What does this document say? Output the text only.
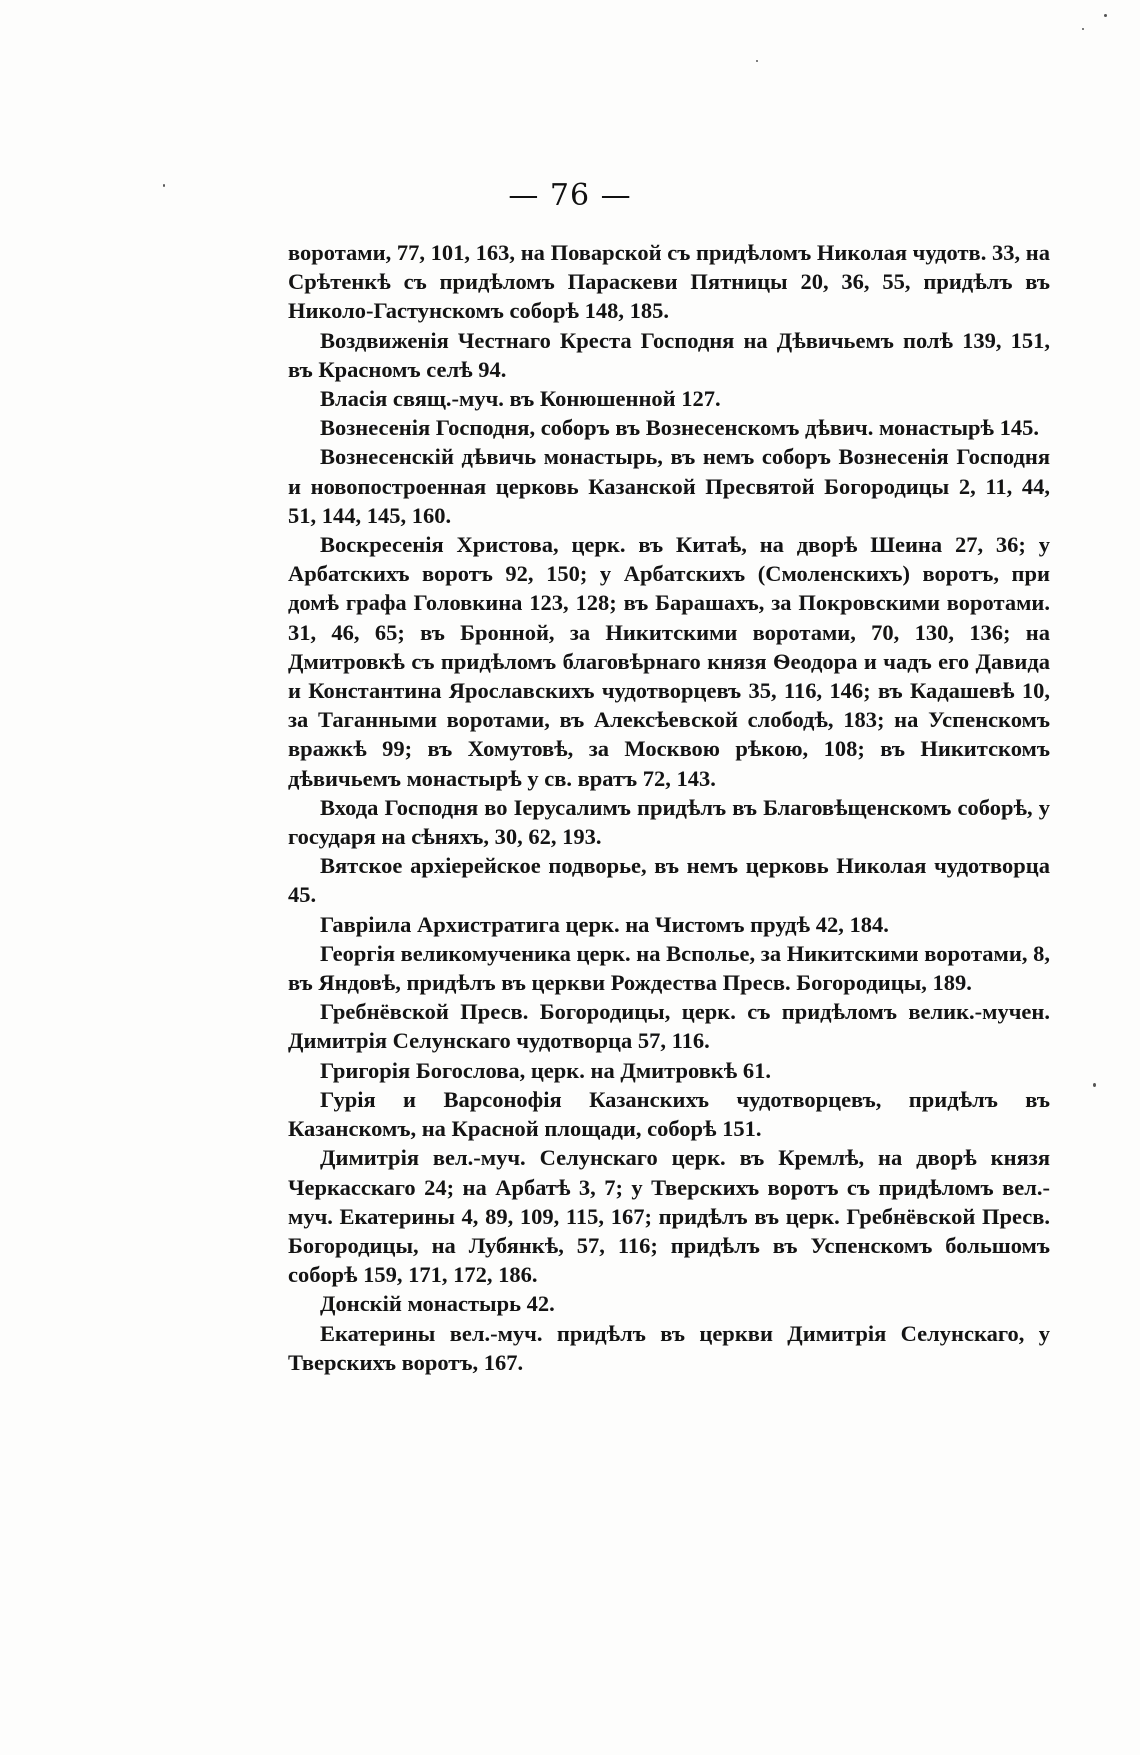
— 76 —

воротами, 77, 101, 163, на Поварской съ придѣломъ Николая чудотв. 33, на Срѣтенкѣ съ придѣломъ Параскеви Пятницы 20, 36, 55, придѣлъ въ Николо-Гастунскомъ соборѣ 148, 185.

Воздвиженія Честнаго Креста Господня на Дѣвичьемъ полѣ 139, 151, въ Красномъ селѣ 94.

Власія свящ.-муч. въ Конюшенной 127.

Вознесенія Господня, соборъ въ Вознесенскомъ дѣвич. монастырѣ 145.

Вознесенскій дѣвичь монастырь, въ немъ соборъ Вознесенія Господня и новопостроенная церковь Казанской Пресвятой Богородицы 2, 11, 44, 51, 144, 145, 160.

Воскресенія Христова, церк. въ Китаѣ, на дворѣ Шеина 27, 36; у Арбатскихъ воротъ 92, 150; у Арбатскихъ (Смоленскихъ) воротъ, при домѣ графа Головкина 123, 128; въ Барашахъ, за Покровскими воротами. 31, 46, 65; въ Бронной, за Никитскими воротами, 70, 130, 136; на Дмитровкѣ съ придѣломъ благовѣрнаго князя Ѳеодора и чадъ его Давида и Константина Ярославскихъ чудотворцевъ 35, 116, 146; въ Кадашевѣ 10, за Таганными воротами, въ Алексѣевской слободѣ, 183; на Успенскомъ вражкѣ 99; въ Хомутовѣ, за Москвою рѣкою, 108; въ Никитскомъ дѣвичьемъ монастырѣ у св. вратъ 72, 143.

Входа Господня во Іерусалимъ придѣлъ въ Благовѣщенскомъ соборѣ, у государя на сѣняхъ, 30, 62, 193.

Вятское архіерейское подворье, въ немъ церковь Николая чудотворца 45.

Гавріила Архистратига церк. на Чистомъ прудѣ 42, 184.

Георгія великомученика церк. на Всполье, за Никитскими воротами, 8, въ Яндовѣ, придѣлъ въ церкви Рождества Пресв. Богородицы, 189.

Гребнёвской Пресв. Богородицы, церк. съ придѣломъ велик.-мучен. Димитрія Селунскаго чудотворца 57, 116.

Григорія Богослова, церк. на Дмитровкѣ 61.

Гурія и Варсонофія Казанскихъ чудотворцевъ, придѣлъ въ Казанскомъ, на Красной площади, соборѣ 151.

Димитрія вел.-муч. Селунскаго церк. въ Кремлѣ, на дворѣ князя Черкасскаго 24; на Арбатѣ 3, 7; у Тверскихъ воротъ съ придѣломъ вел.-муч. Екатерины 4, 89, 109, 115, 167; придѣлъ въ церк. Гребнёвской Пресв. Богородицы, на Лубянкѣ, 57, 116; придѣлъ въ Успенскомъ большомъ соборѣ 159, 171, 172, 186.

Донскій монастырь 42.

Екатерины вел.-муч. придѣлъ въ церкви Димитрія Селунскаго, у Тверскихъ воротъ, 167.
